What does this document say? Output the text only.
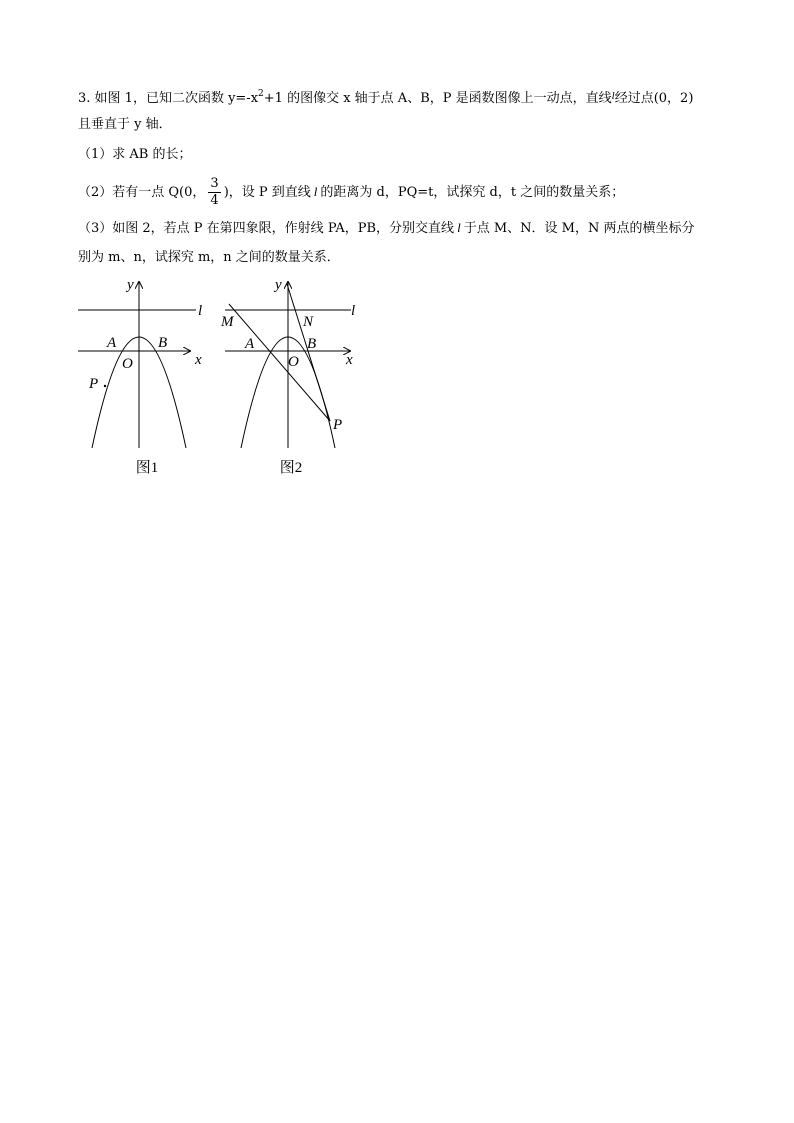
3. 如图 1，已知二次函数 $y=-x^2+1$ 的图像交 x 轴于点 A、B，P 是函数图像上一动点，直线$^l$经过点(0，2)
且垂直于 y 轴．
（1）求 AB 的长；
（2）若有一点 Q(0， $\frac{3}{4}$ )，设 P 到直线 l 的距离为 d，PQ=t，试探究 d，t 之间的数量关系；
（3）如图 2，若点 P 在第四象限，作射线 PA，PB，分别交直线 l 于点 M、N．设 M，N 两点的横坐标分
别为 m、n，试探究 m，n 之间的数量关系．
y
l
x
A	B
O
P
图1
y
l
x
M	N
A	B
O
P
图2
